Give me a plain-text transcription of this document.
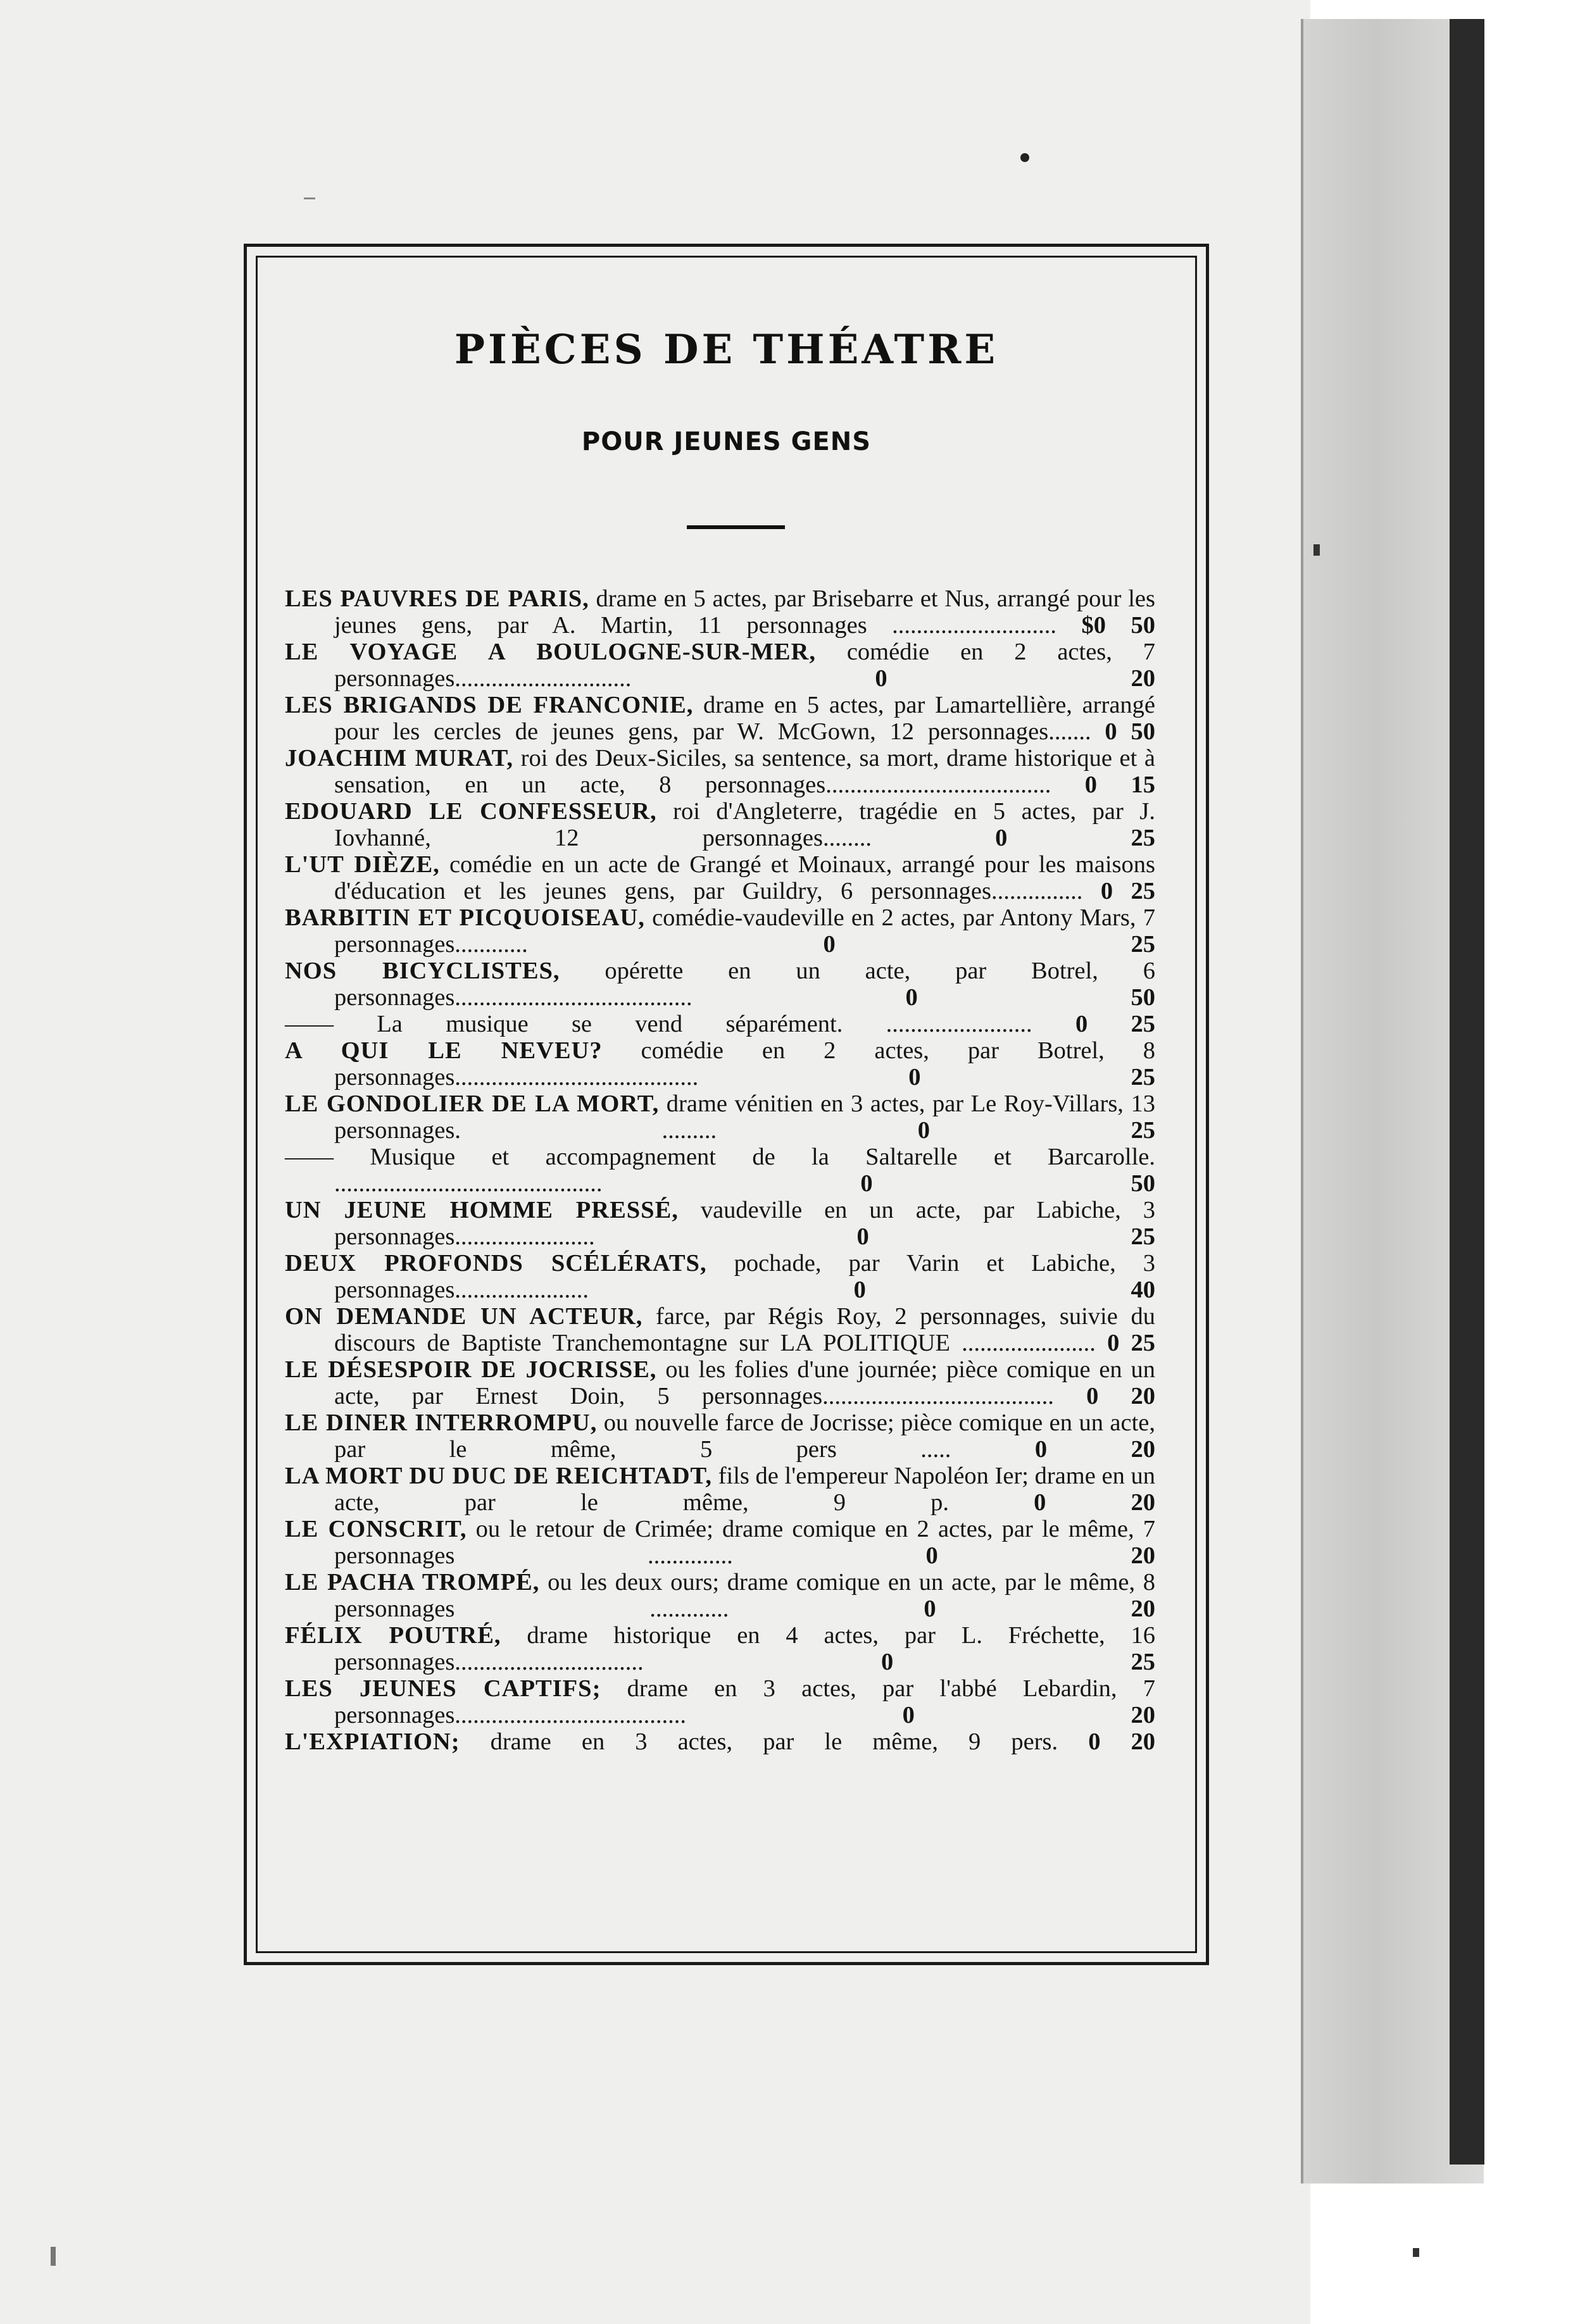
PIÈCES DE THÉATRE
POUR JEUNES GENS
LES PAUVRES DE PARIS, drame en 5 actes, par Brisebarre et Nus, arrangé pour les jeunes gens, par A. Martin, 11 personnages ........................... $0 50
LE VOYAGE A BOULOGNE-SUR-MER, comédie en 2 actes, 7 personnages.............................	0 20
LES BRIGANDS DE FRANCONIE, drame en 5 actes, par Lamartellière, arrangé pour les cercles de jeunes gens, par W. McGown, 12 personnages....... 0 50
JOACHIM MURAT, roi des Deux-Siciles, sa sentence, sa mort, drame historique et à sensation, en un acte, 8 personnages..................................... 0 15
EDOUARD LE CONFESSEUR, roi d'Angleterre, tragédie en 5 actes, par J. Iovhanné, 12 personnages........	0 25
L'UT DIÈZE, comédie en un acte de Grangé et Moinaux, arrangé pour les maisons d'éducation et les jeunes gens, par Guildry, 6 personnages............... 0 25
BARBITIN ET PICQUOISEAU, comédie-vaudeville en 2 actes, par Antony Mars, 7 personnages............	0 25
NOS BICYCLISTES, opérette en un acte, par Botrel, 6 personnages.......................................	0 50
—— La musique se vend séparément. ........................ 0 25
A QUI LE NEVEU? comédie en 2 actes, par Botrel, 8 personnages........................................	0 25
LE GONDOLIER DE LA MORT, drame vénitien en 3 actes, par Le Roy-Villars, 13 personnages. .........	0 25
—— Musique et accompagnement de la Saltarelle et Barcarolle. ............................................	0 50
UN JEUNE HOMME PRESSÉ, vaudeville en un acte, par Labiche, 3 personnages.......................	0 25
DEUX PROFONDS SCÉLÉRATS, pochade, par Varin et Labiche, 3 personnages......................	0 40
ON DEMANDE UN ACTEUR, farce, par Régis Roy, 2 personnages, suivie du discours de Baptiste Tranchemontagne sur LA POLITIQUE ...................... 0 25
LE DÉSESPOIR DE JOCRISSE, ou les folies d'une journée; pièce comique en un acte, par Ernest Doin, 5 personnages...................................... 0 20
LE DINER INTERROMPU, ou nouvelle farce de Jocrisse; pièce comique en un acte, par le même, 5 pers .....	0 20
LA MORT DU DUC DE REICHTADT, fils de l'empereur Napoléon Ier; drame en un acte, par le même, 9 p.	0 20
LE CONSCRIT, ou le retour de Crimée; drame comique en 2 actes, par le même, 7 personnages ..............	0 20
LE PACHA TROMPÉ, ou les deux ours; drame comique en un acte, par le même, 8 personnages .............	0 20
FÉLIX POUTRÉ, drame historique en 4 actes, par L. Fréchette, 16 personnages...............................	0 25
LES JEUNES CAPTIFS; drame en 3 actes, par l'abbé Lebardin, 7 personnages......................................	0 20
L'EXPIATION; drame en 3 actes, par le même, 9 pers. 0 20
